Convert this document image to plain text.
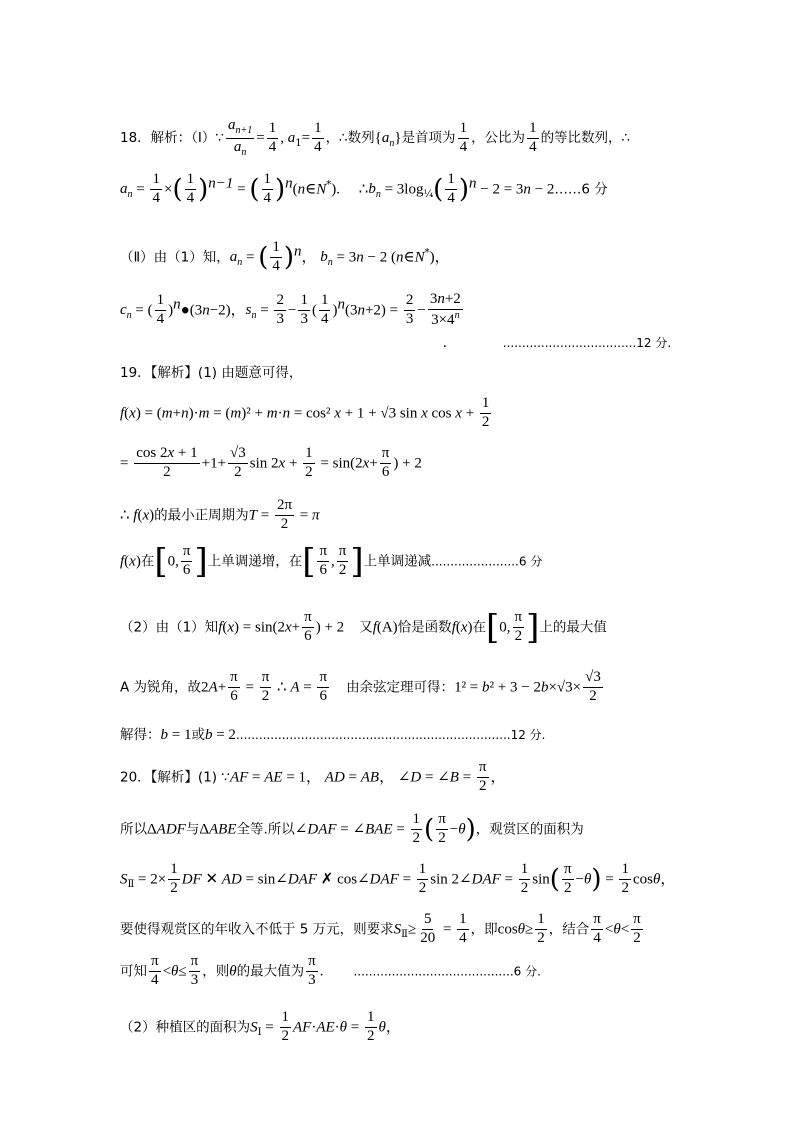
18．解析：（Ⅰ）∵ $\frac{a_{n+1}}{a_n} = \frac{1}{4}$ , $a_1= \frac{1}{4}$ ，∴数列$\{a_n\}$是首项为 $\frac{1}{4}$ ，公比为 $\frac{1}{4}$ 的等比数列，∴
$a_n = \frac{1}{4}$ ×( $\frac{1}{4} )^{n-1}$ = ( $\frac{1}{4}$ )$^n$(n∈N*).     $\therefore b_n = 3\log_{\frac{1}{4}}( \frac{1}{4} )^n - 2 = 3n$ − 2……6 分
（Ⅱ）由（1）知，$a_n$ = ( $\frac{1}{4} )^n$， $b_n = 3n - 2$ (n∈N*)，
$c_n$ = ( $\frac{1}{4}$ )$^n$●(3n−2)，$s_n = \frac{2}{3} - \frac{1}{3}$ ( $\frac{1}{4} )^n(3n+2) = \frac{2}{3} - \frac{3n+2}{3\times 4^n}$
.	...................................12 分.
19．【解析】(1) 由题意可得，
f(x) = (m+n)·m = (m)² + m·n = cos² x + 1 + √3 sin x $\cos x + \frac{1}{2}$
= $\frac{\cos 2x + 1}{2} +1+ \frac{√3}{2}$ $\sin 2x + \frac{1}{2} = \sin(2x+ \frac{\pi}{6}$ ) + 2
∴ f(x)的最小正周期为$T = \frac{2\pi}{2} = \pi$
f(x)在[0, $\frac{\pi}{6}$ ]上单调递增，在[ $\frac{\pi}{6}$ , $\frac{\pi}{2}$ ]上单调递减.......................6 分
（2）由（1）知$f(x) = \sin(2x+ \frac{\pi}{6}$ ) + 2    又f(A)恰是函数f(x)在[0, $\frac{\pi}{2}$ ]上的最大值
A 为锐角，故$2A+ \frac{\pi}{6} = \frac{\pi}{2}$ ∴ $A = \frac{\pi}{6}$ 由余弦定理可得：$1^2 = b^2 + 3 - 2b\times√3\times \frac{√3}{2}$
解得：b = 1或b = 2........................................................................12 分.
20．【解析】(1) ∵AF = AE = 1， AD = AB， ∠D = ∠B = $\frac{\pi}{2}$ ，
所以ΔADF与ΔABE全等.所以∠DAF = ∠BAE = $\frac{1}{2}$ ( $\frac{\pi}{2} -\theta$)，观赏区的面积为
$S_Ⅱ = 2\times \frac{1}{2}$ DF ✕ AD = sin∠DAF ✗ cos∠DAF = $\frac{1}{2}$ sin 2∠DAF = $\frac{1}{2} \sin( \frac{\pi}{2} -\theta) = \frac{1}{2}$ cosθ，
要使得观赏区的年收入不低于 5 万元，则要求$S_Ⅱ\ge \frac{5}{20} = \frac{1}{4}$ ，即$\cos\theta\ge \frac{1}{2}$ ，结合 $\frac{\pi}{4} <\theta< \frac{\pi}{2}$
可知 $\frac{\pi}{4} <\theta\le \frac{\pi}{3}$ ，则θ的最大值为 $\frac{\pi}{3}$ .        ..........................................6 分.
（2）种植区的面积为$S_Ⅰ = \frac{1}{2} AF\cdot AE\cdot\theta = \frac{1}{2}$ θ，
